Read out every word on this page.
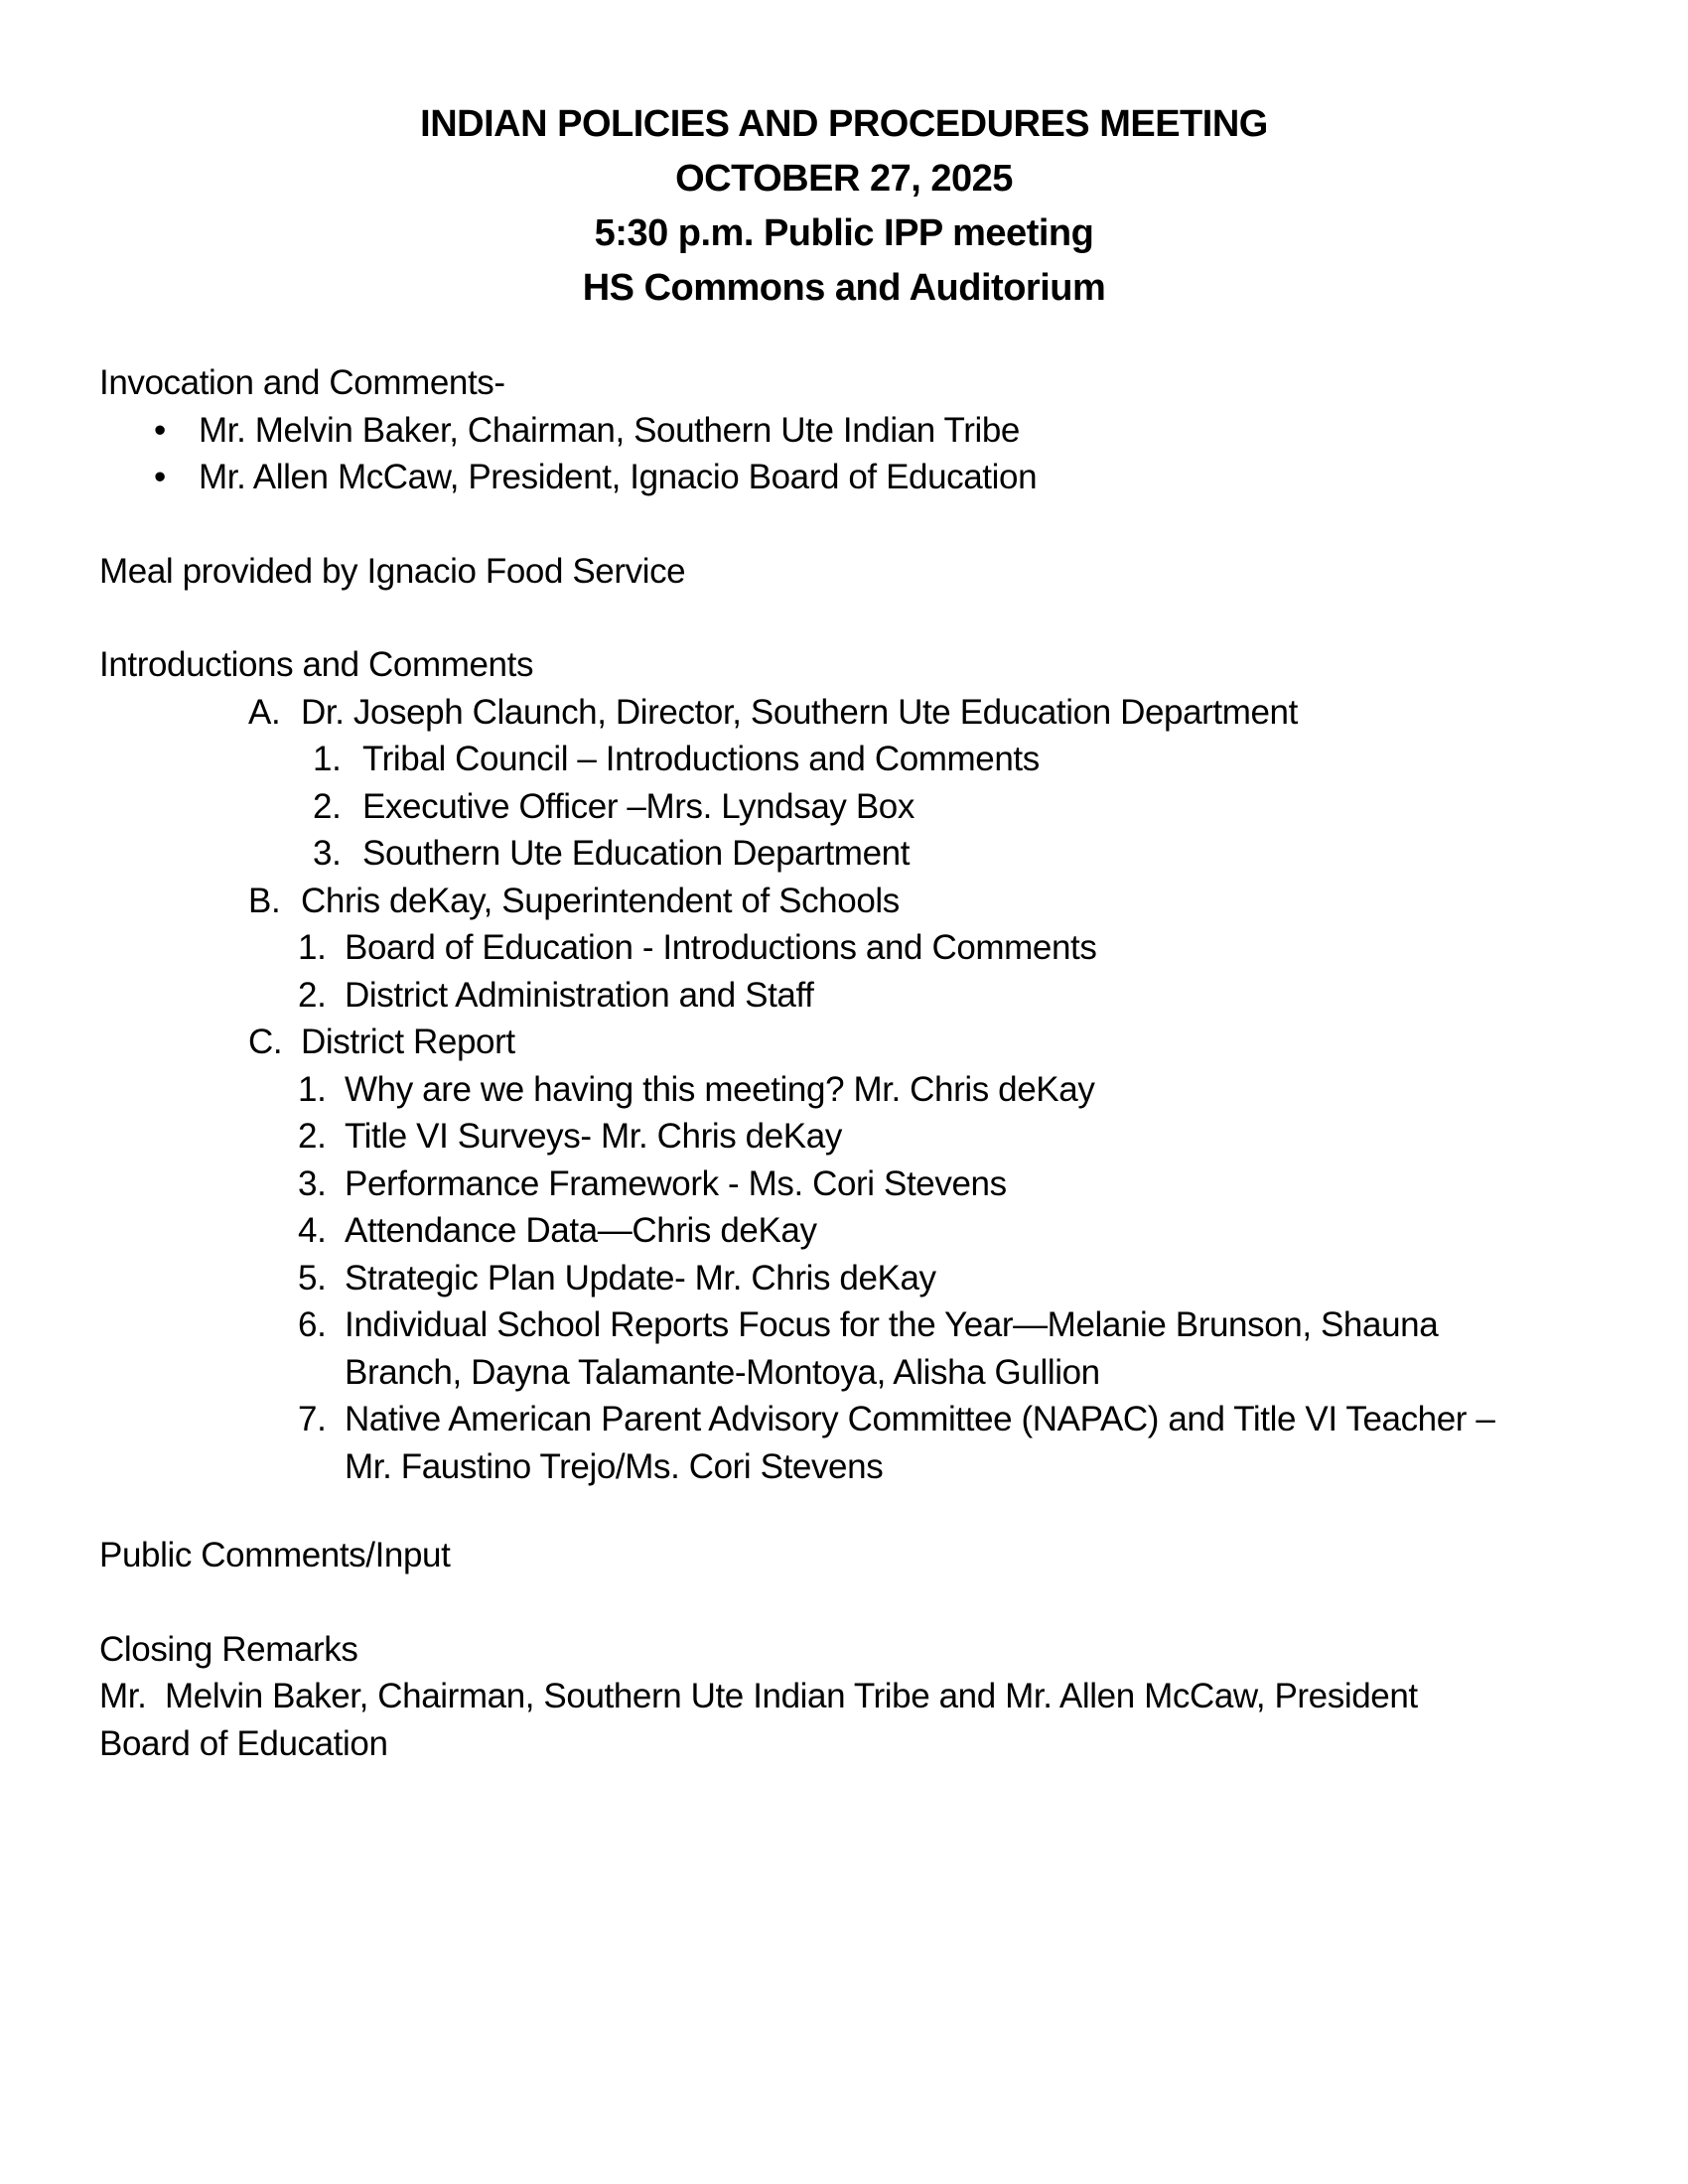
INDIAN POLICIES AND PROCEDURES MEETING
OCTOBER 27, 2025
5:30 p.m. Public IPP meeting
HS Commons and Auditorium
Invocation and Comments-
• Mr. Melvin Baker, Chairman, Southern Ute Indian Tribe
• Mr. Allen McCaw, President, Ignacio Board of Education
Meal provided by Ignacio Food Service
Introductions and Comments
A. Dr. Joseph Claunch, Director, Southern Ute Education Department
1. Tribal Council – Introductions and Comments
2. Executive Officer –Mrs. Lyndsay Box
3. Southern Ute Education Department
B. Chris deKay, Superintendent of Schools
1. Board of Education - Introductions and Comments
2. District Administration and Staff
C. District Report
1. Why are we having this meeting? Mr. Chris deKay
2. Title VI Surveys- Mr. Chris deKay
3. Performance Framework - Ms. Cori Stevens
4. Attendance Data—Chris deKay
5. Strategic Plan Update- Mr. Chris deKay
6. Individual School Reports Focus for the Year—Melanie Brunson, Shauna
Branch, Dayna Talamante-Montoya, Alisha Gullion
7. Native American Parent Advisory Committee (NAPAC) and Title VI Teacher –
Mr. Faustino Trejo/Ms. Cori Stevens
Public Comments/Input
Closing Remarks
Mr.  Melvin Baker, Chairman, Southern Ute Indian Tribe and Mr. Allen McCaw, President
Board of Education
